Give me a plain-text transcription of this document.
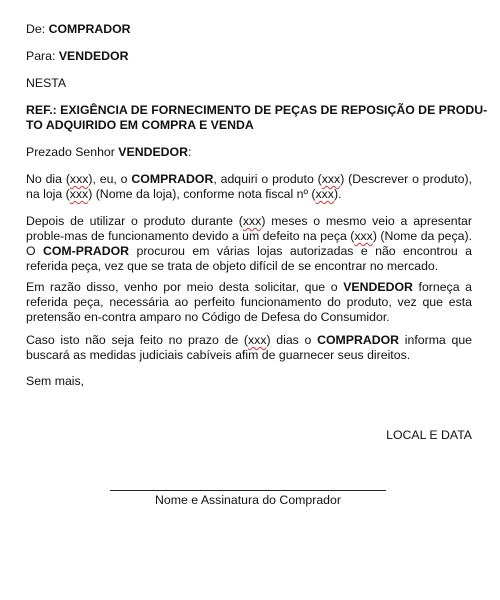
De: COMPRADOR
Para: VENDEDOR
NESTA
REF.: EXIGÊNCIA DE FORNECIMENTO DE PEÇAS DE REPOSIÇÃO DE PRODU-
TO ADQUIRIDO EM COMPRA E VENDA
Prezado Senhor VENDEDOR:
No dia (xxx), eu, o COMPRADOR, adquiri o produto (xxx) (Descrever o produto), na loja (xxx) (Nome da loja), conforme nota fiscal nº (xxx).
Depois de utilizar o produto durante (xxx) meses o mesmo veio a apresentar proble-mas de funcionamento devido a um defeito na peça (xxx) (Nome da peça). O COM-PRADOR procurou em várias lojas autorizadas e não encontrou a referida peça, vez que se trata de objeto difícil de se encontrar no mercado.
Em razão disso, venho por meio desta solicitar, que o VENDEDOR forneça a referida peça, necessária ao perfeito funcionamento do produto, vez que esta pretensão en-contra amparo no Código de Defesa do Consumidor.
Caso isto não seja feito no prazo de (xxx) dias o COMPRADOR informa que buscará as medidas judiciais cabíveis afim de guarnecer seus direitos.
Sem mais,
LOCAL E DATA
Nome e Assinatura do Comprador
